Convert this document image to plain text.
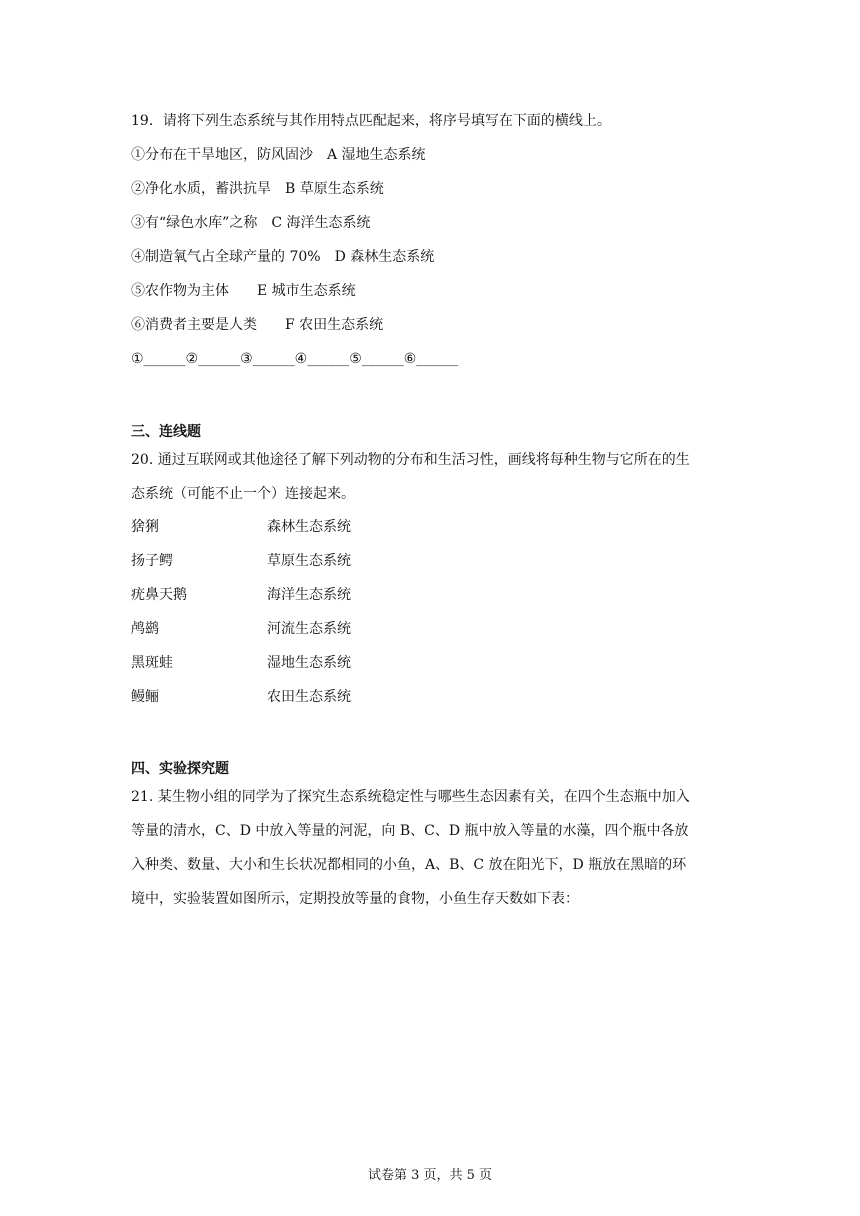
19．请将下列生态系统与其作用特点匹配起来，将序号填写在下面的横线上。
①分布在干旱地区，防风固沙　A 湿地生态系统
②净化水质，蓄洪抗旱　B 草原生态系统
③有“绿色水库”之称　C 海洋生态系统
④制造氧气占全球产量的 70%　D 森林生态系统
⑤农作物为主体　　E 城市生态系统
⑥消费者主要是人类　　F 农田生态系统
①______②______③______④______⑤______⑥______
三、连线题
20. 通过互联网或其他途径了解下列动物的分布和生活习性，画线将每种生物与它所在的生
态系统（可能不止一个）连接起来。
猞猁	森林生态系统
扬子鳄	草原生态系统
疣鼻天鹅	海洋生态系统
鸬鹚	河流生态系统
黑斑蛙	湿地生态系统
鳗鲡	农田生态系统
四、实验探究题
21. 某生物小组的同学为了探究生态系统稳定性与哪些生态因素有关，在四个生态瓶中加入
等量的清水，C、D 中放入等量的河泥，向 B、C、D 瓶中放入等量的水藻，四个瓶中各放
入种类、数量、大小和生长状况都相同的小鱼，A、B、C 放在阳光下，D 瓶放在黑暗的环
境中，实验装置如图所示，定期投放等量的食物，小鱼生存天数如下表：
试卷第 3 页，共 5 页
